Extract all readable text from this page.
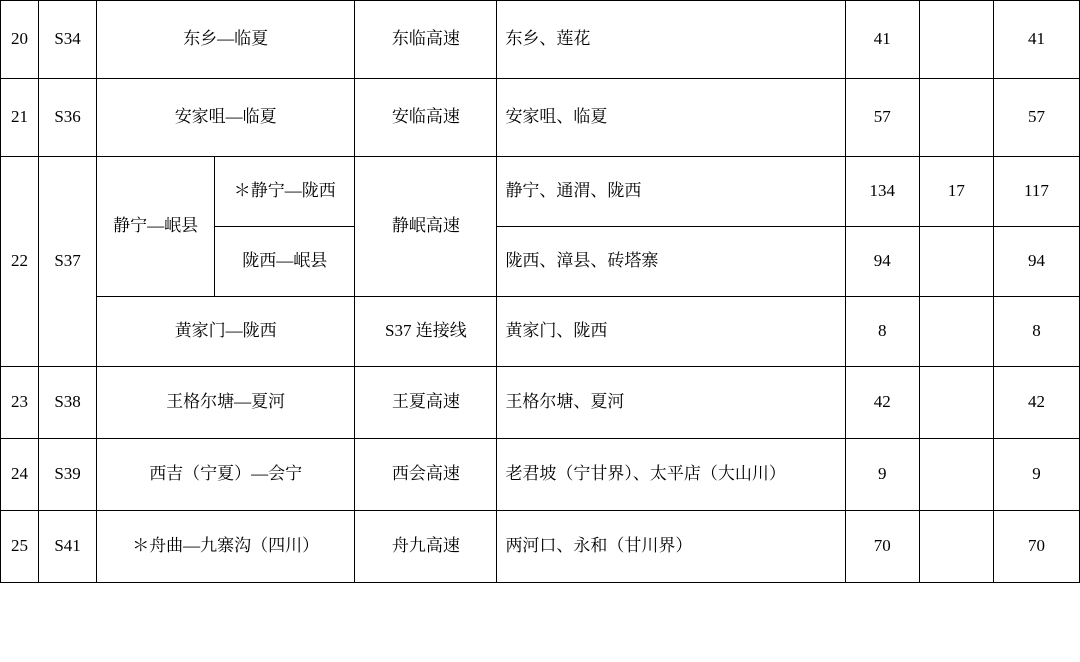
20	S34	东乡—临夏		东临高速	东乡、莲花	41		41
21	S36	安家咀—临夏		安临高速	安家咀、临夏	57		57
22	S37	静宁—岷县	＊静宁—陇西	静岷高速	静宁、通渭、陇西	134	17	117
			陇西—岷县		陇西、漳县、砖塔寨	94		94
		黄家门—陇西		S37 连接线	黄家门、陇西	8		8
23	S38	王格尔塘—夏河		王夏高速	王格尔塘、夏河	42		42
24	S39	西吉（宁夏）—会宁		西会高速	老君坡（宁甘界）、太平店（大山川）	9		9
25	S41	＊舟曲—九寨沟（四川）		舟九高速	两河口、永和（甘川界）	70		70
